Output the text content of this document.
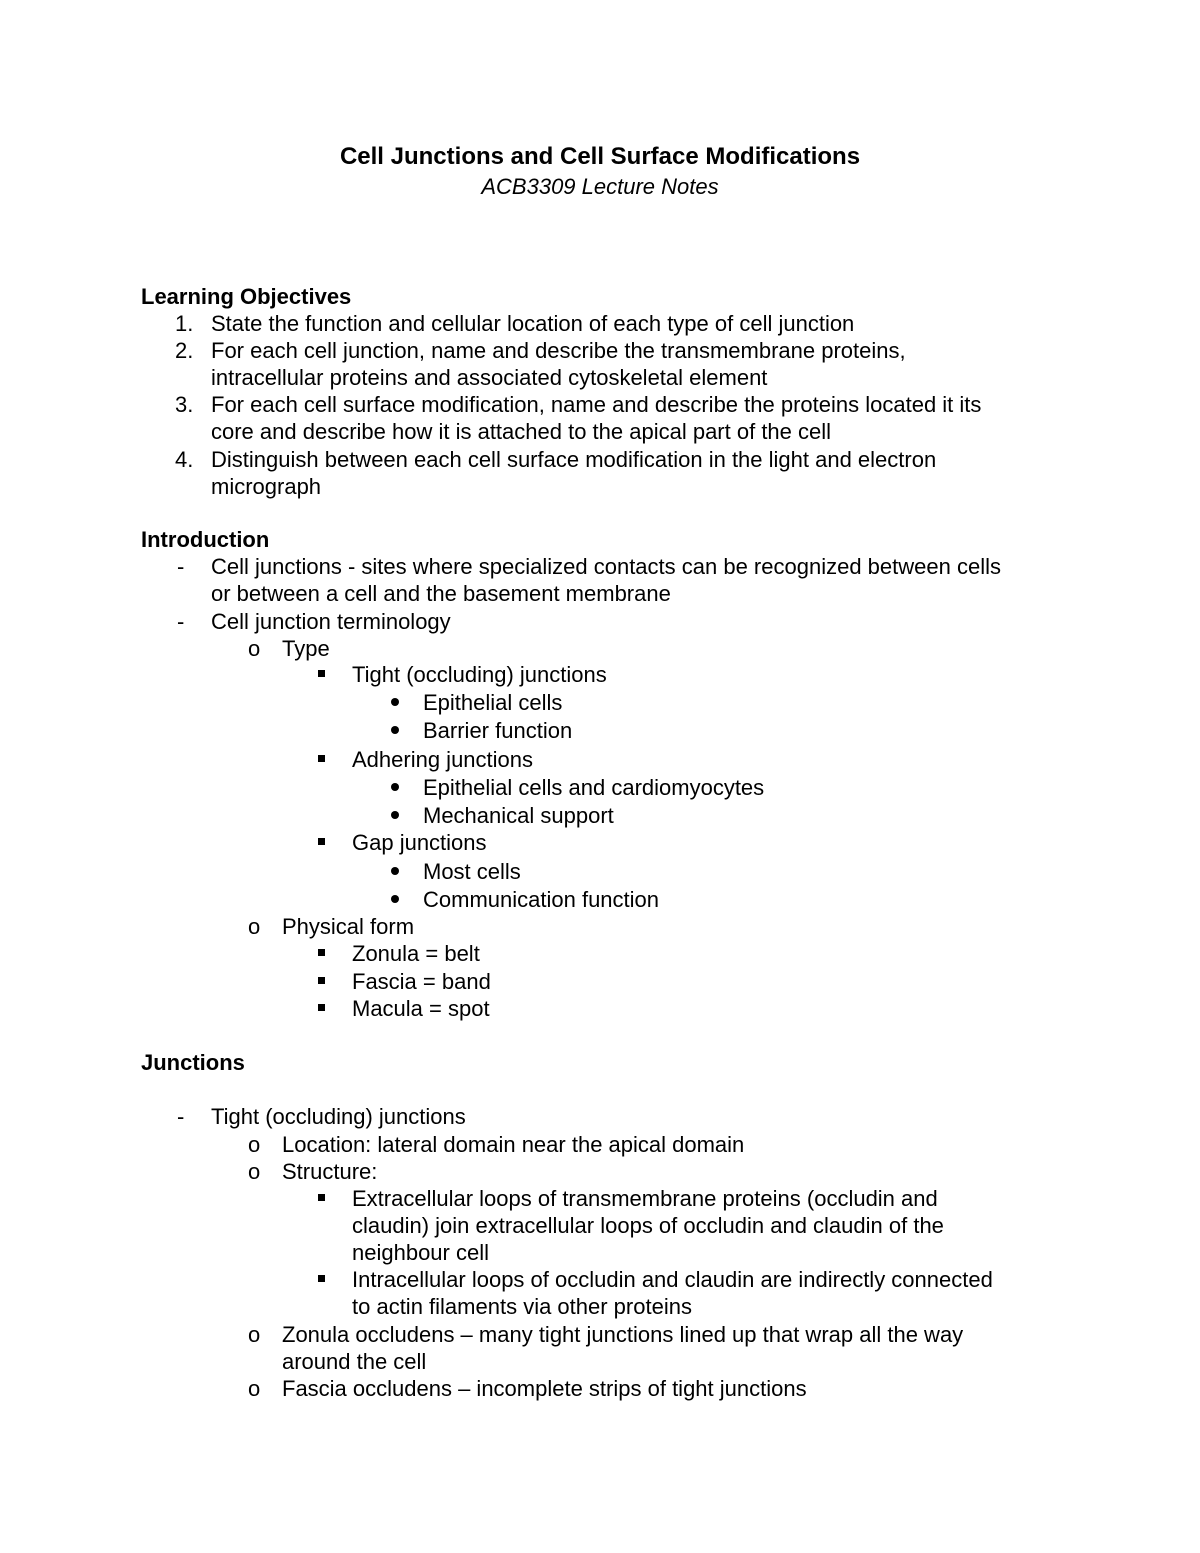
Cell Junctions and Cell Surface Modifications
ACB3309 Lecture Notes
Learning Objectives
1. State the function and cellular location of each type of cell junction
2. For each cell junction, name and describe the transmembrane proteins,
intracellular proteins and associated cytoskeletal element
3. For each cell surface modification, name and describe the proteins located it its
core and describe how it is attached to the apical part of the cell
4. Distinguish between each cell surface modification in the light and electron
micrograph
Introduction
- Cell junctions - sites where specialized contacts can be recognized between cells
or between a cell and the basement membrane
- Cell junction terminology
o Type
Tight (occluding) junctions
Epithelial cells
Barrier function
Adhering junctions
Epithelial cells and cardiomyocytes
Mechanical support
Gap junctions
Most cells
Communication function
o Physical form
Zonula = belt
Fascia = band
Macula = spot
Junctions
- Tight (occluding) junctions
o Location: lateral domain near the apical domain
o Structure:
Extracellular loops of transmembrane proteins (occludin and
claudin) join extracellular loops of occludin and claudin of the
neighbour cell
Intracellular loops of occludin and claudin are indirectly connected
to actin filaments via other proteins
o Zonula occludens – many tight junctions lined up that wrap all the way
around the cell
o Fascia occludens – incomplete strips of tight junctions
